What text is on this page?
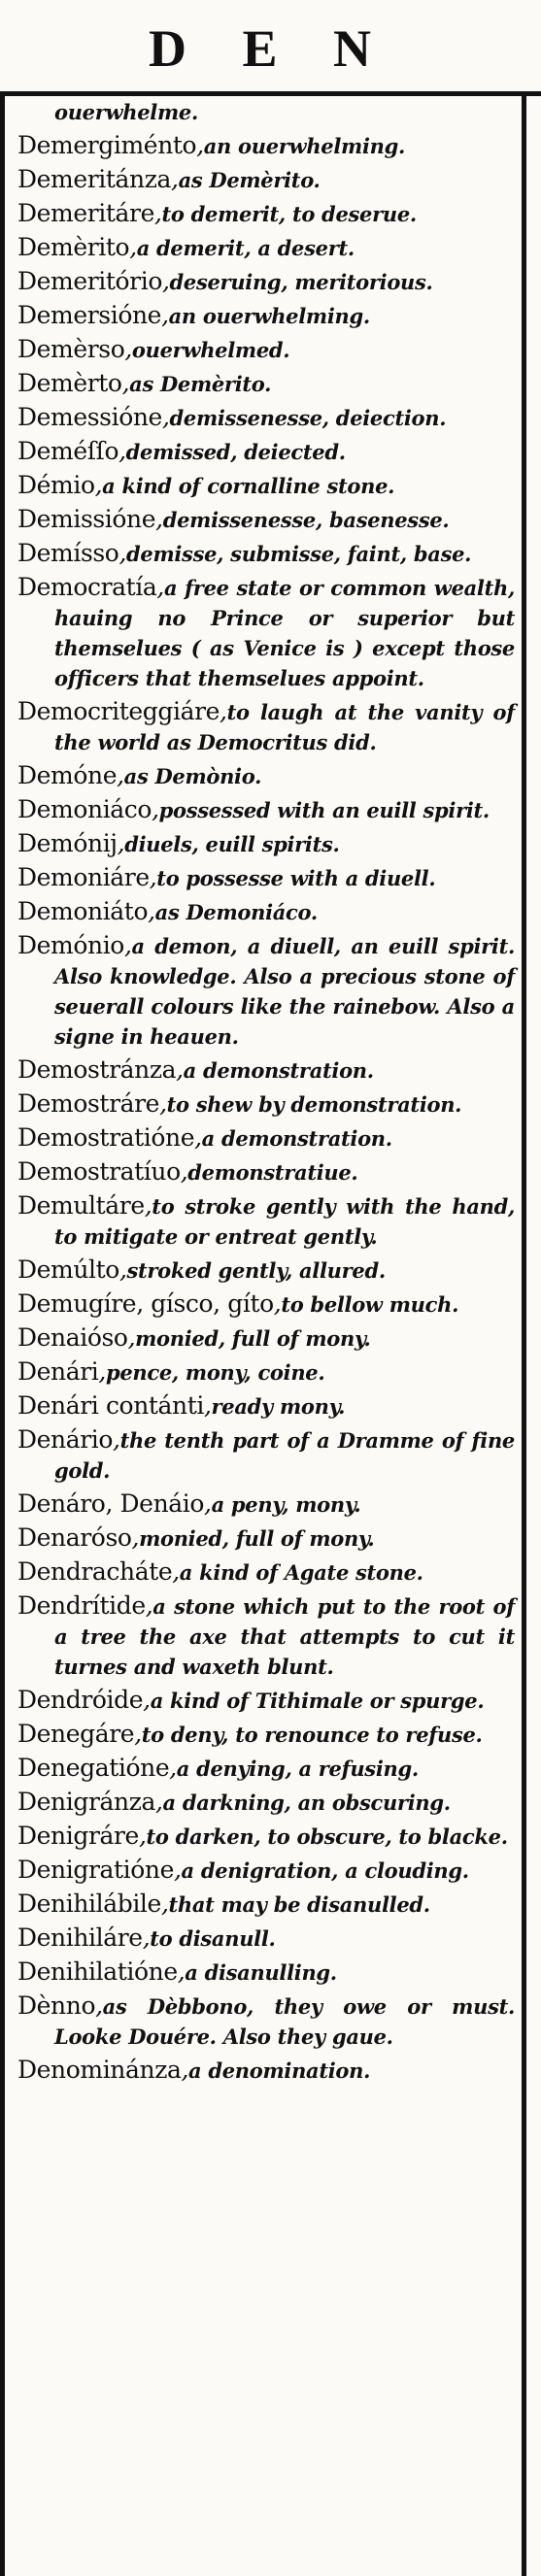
D E N
ouerwhelme.
Demergiménto,an ouerwhelming.
Demeritánza,as Demèrito.
Demeritáre,to demerit, to deserue.
Demèrito,a demerit, a desert.
Demeritório,deseruing, meritorious.
Demersióne,an ouerwhelming.
Demèrso,ouerwhelmed.
Demèrto,as Demèrito.
Demessióne,demissenesse, deiection.
Deméſſo,demissed, deiected.
Démio,a kind of cornalline stone.
Demissióne,demissenesse, basenesse.
Demísso,demisse, submisse, faint, base.
Democratía,a free state or common wealth, hauing no Prince or superior but themselues ( as Venice is ) except those officers that themselues appoint.
Democriteggiáre,to laugh at the vanity of the world as Democritus did.
Demóne,as Demònio.
Demoniáco,possessed with an euill spirit.
Demónij,diuels, euill spirits.
Demoniáre,to possesse with a diuell.
Demoniáto,as Demoniáco.
Demónio,a demon, a diuell, an euill spirit. Also knowledge. Also a precious stone of seuerall colours like the rainebow. Also a signe in heauen.
Demostránza,a demonstration.
Demostráre,to shew by demonstration.
Demostratióne,a demonstration.
Demostratíuo,demonstratiue.
Demultáre,to stroke gently with the hand, to mitigate or entreat gently.
Demúlto,stroked gently, allured.
Demugíre, gísco, gíto,to bellow much.
Denaióso,monied, full of mony.
Denári,pence, mony, coine.
Denári contánti,ready mony.
Denário,the tenth part of a Dramme of fine gold.
Denáro, Denáio,a peny, mony.
Denaróso,monied, full of mony.
Dendracháte,a kind of Agate stone.
Dendrítide,a stone which put to the root of a tree the axe that attempts to cut it turnes and waxeth blunt.
Dendróide,a kind of Tithimale or spurge.
Denegáre,to deny, to renounce to refuse.
Denegatióne,a denying, a refusing.
Denigránza,a darkning, an obscuring.
Denigráre,to darken, to obscure, to blacke.
Denigratióne,a denigration, a clouding.
Denihilábile,that may be disanulled.
Denihiláre,to disanull.
Denihilatióne,a disanulling.
Dènno,as Dèbbono, they owe or must. Looke Douére. Also they gaue.
Denominánza,a denomination.
